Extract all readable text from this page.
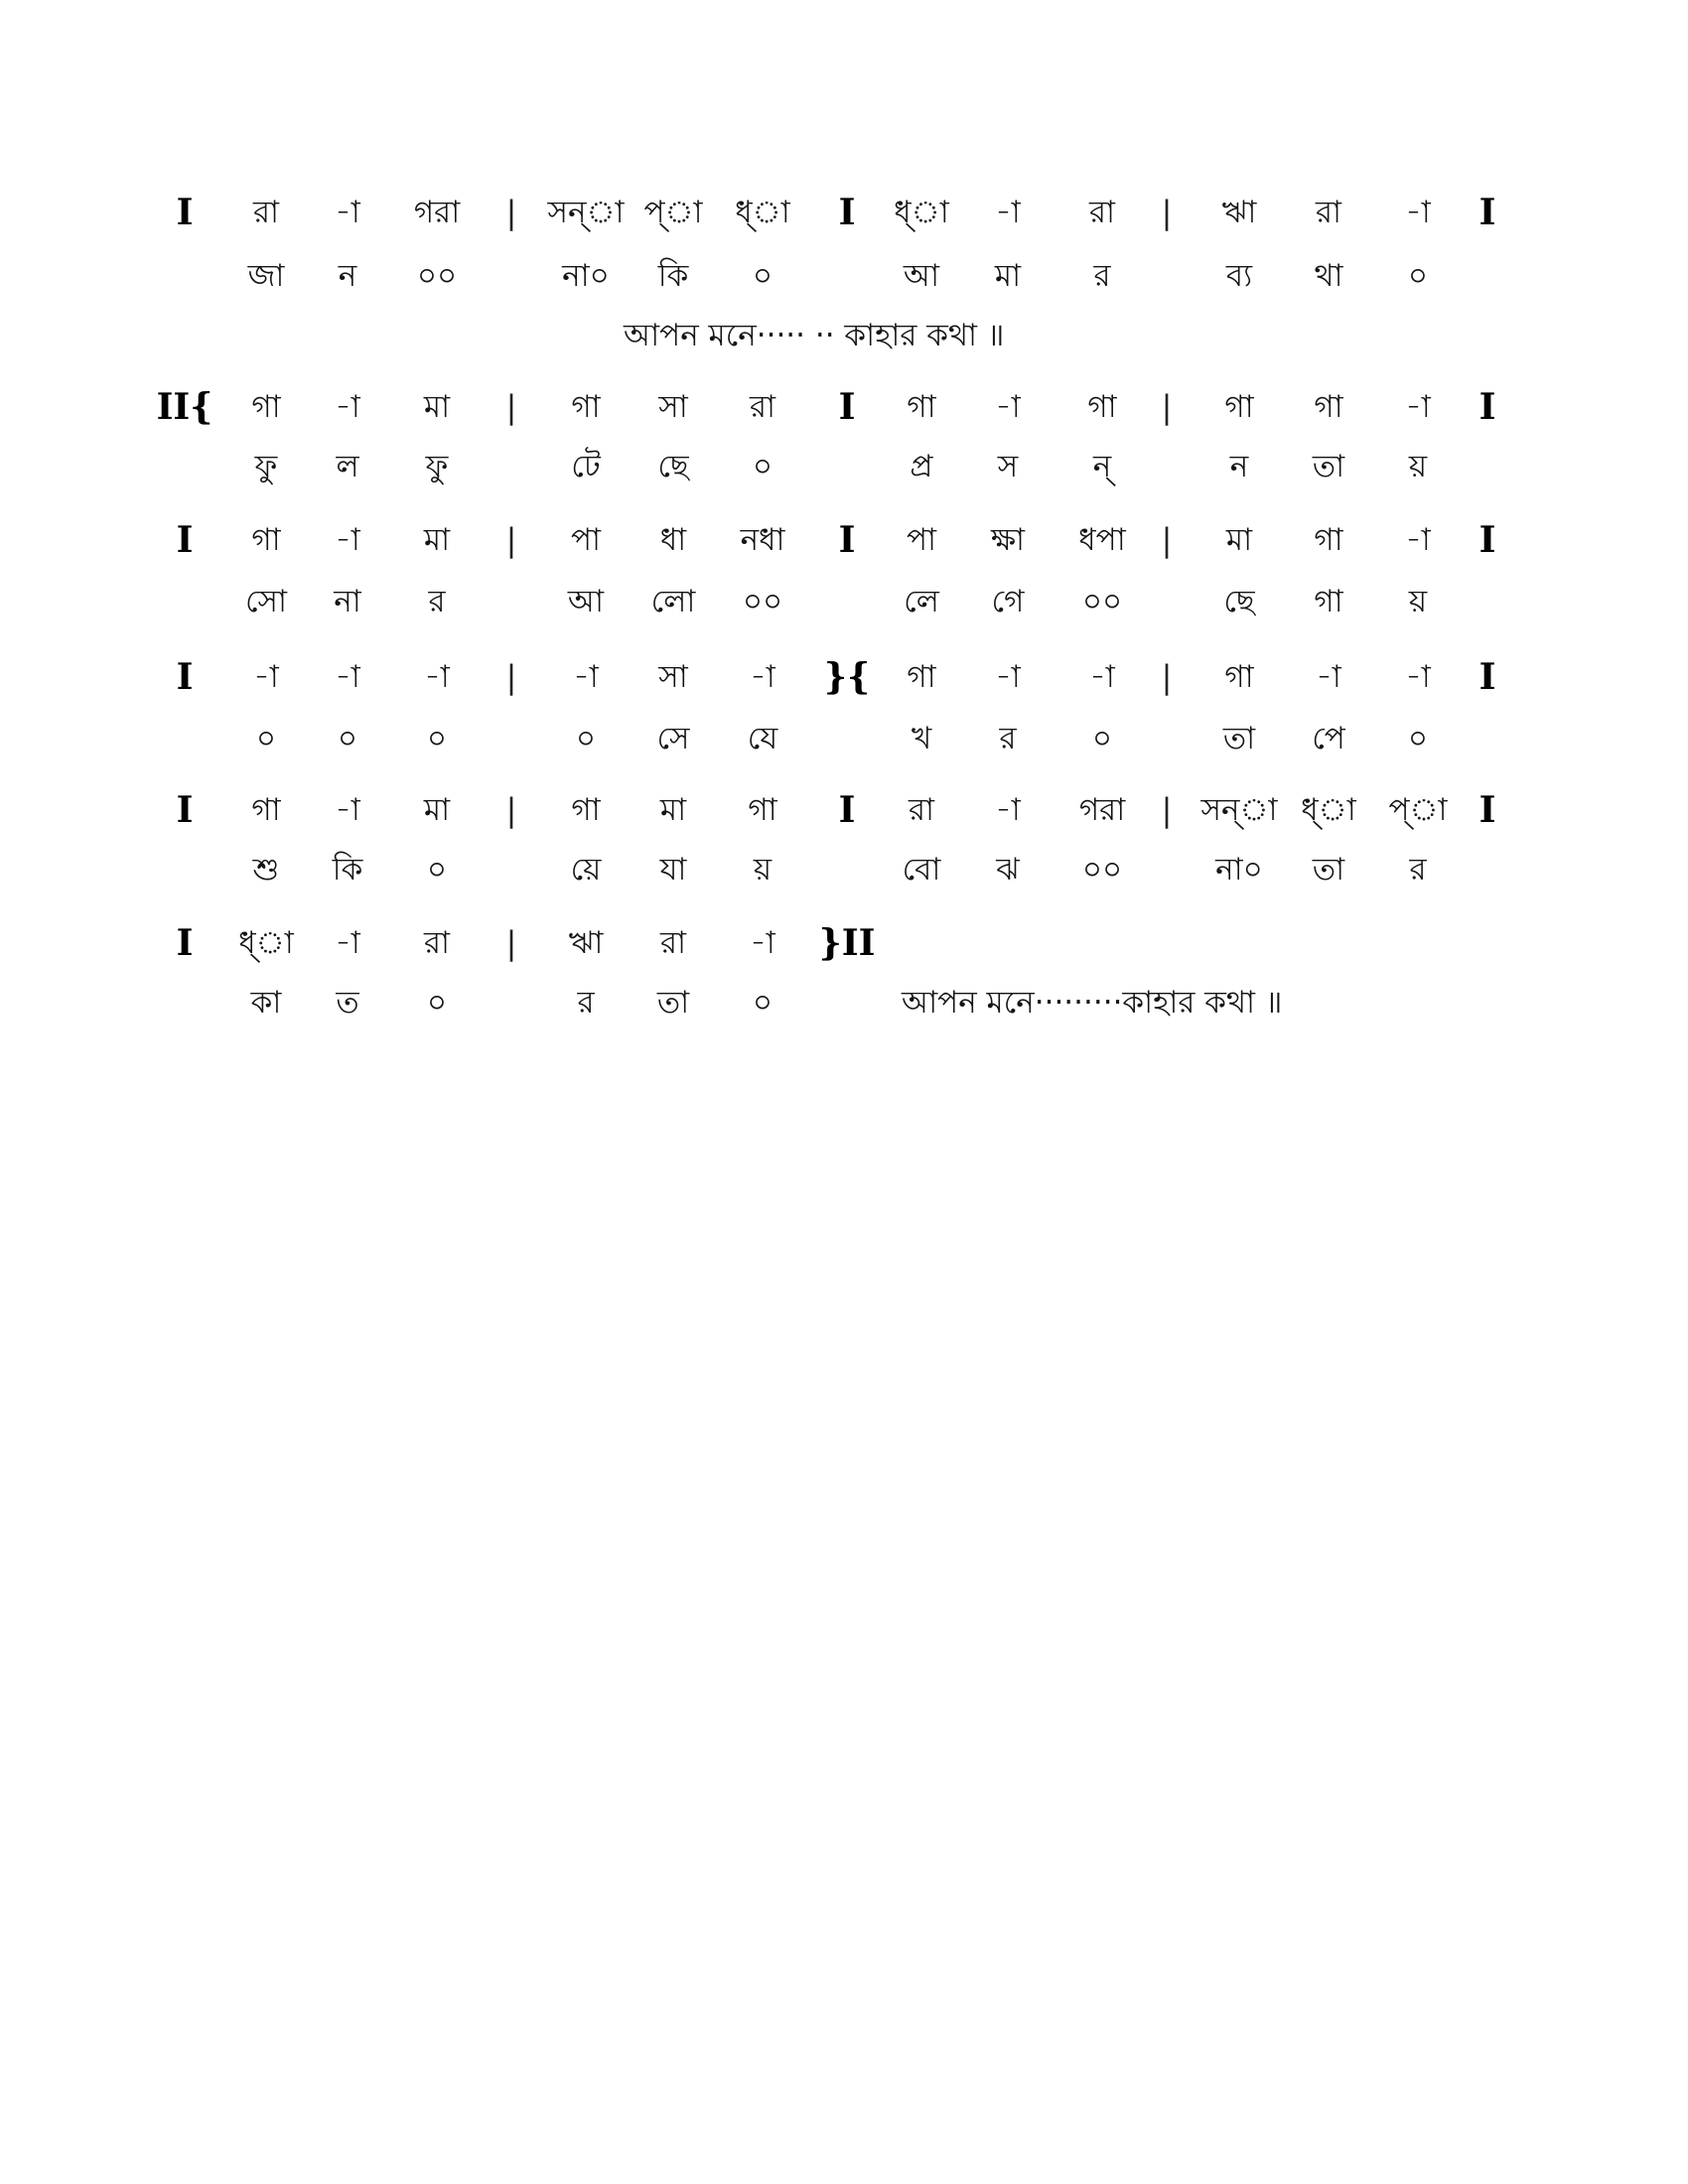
I রা -া গরা | সন্া প্া ধ্া I ধ্া -া রা | ঋা রা -া I
জা ন ০০	না০ কি ০	আ মা র	ব্য থা ০
আপন মনে····· ·· কাহার কথা ॥
II{ গা -া মা | গা সা রা I গা -া গা | গা গা -া I
ফু ল ফু	টে ছে ০	প্র স ন্	ন তা য়
I গা -া মা | পা ধা নধা I পা ক্ষা ধপা | মা গা -া I
সো না র	আ লো ০০	লে গে ০০	ছে গা য়
I -া -া -া | -া সা -া }{ গা -া -া | গা -া -া I
০ ০ ০	০ সে যে	খ র ০	তা পে ০
I গা -া মা | গা মা গা I রা -া গরা | সন্া ধ্া প্া I
শু কি ০	য়ে যা য়	বো ঝ ০০	না০ তা র
I ধ্া -া রা | ঋা রা -া }II
কা ত ০	র তা ০	আপন মনে·········কাহার কথা ॥
